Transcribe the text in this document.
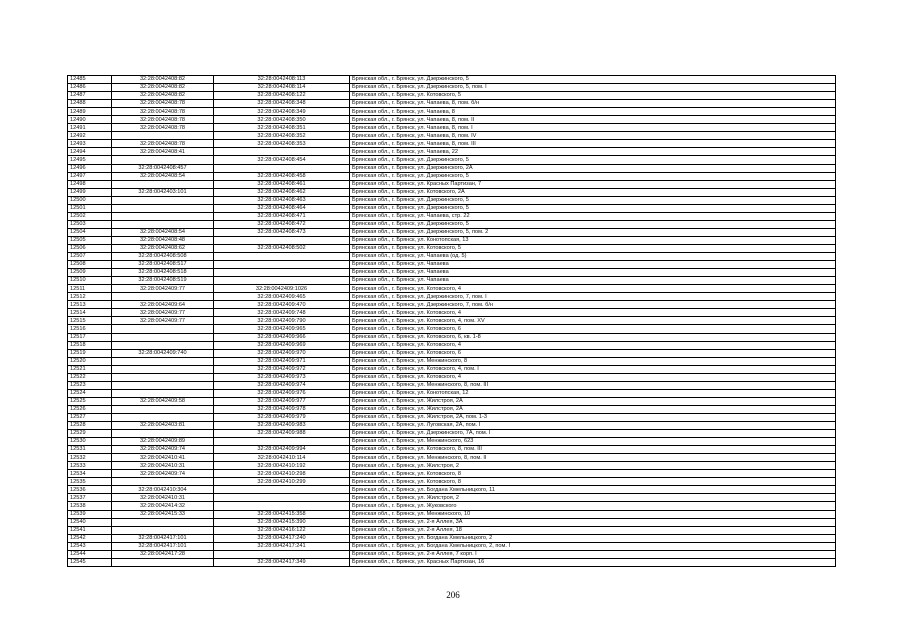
12485	32:28:0042408:82	32:28:0042408:113	Брянская обл., г. Брянск, ул. Дзержинского, 5
12486	32:28:0042408:82	32:28:0042408:114	Брянская обл., г. Брянск, ул. Дзержинского, 5, пом. I
12487	32:28:0042408:82	32:28:0042408:122	Брянская обл., г. Брянск, ул. Котовского, 5
12488	32:28:0042408:78	32:28:0042408:348	Брянская обл., г. Брянск, ул. Чапаева, 8, пом. б/н
12489	32:28:0042408:78	32:28:0042408:349	Брянская обл., г. Брянск, ул. Чапаева, 8
12490	32:28:0042408:78	32:28:0042408:350	Брянская обл., г. Брянск, ул. Чапаева, 8, пом. II
12491	32:28:0042408:78	32:28:0042408:351	Брянская обл., г. Брянск, ул. Чапаева, 8, пом. I
12492		32:28:0042408:352	Брянская обл., г. Брянск, ул. Чапаева, 8, пом. IV
12493	32:28:0042408:78	32:28:0042408:353	Брянская обл., г. Брянск, ул. Чапаева, 8, пом. III
12494	32:28:0042408:41		Брянская обл., г. Брянск, ул. Чапаева, 22
12495		32:28:0042408:454	Брянская обл., г. Брянск, ул. Дзержинского, 5
12496	32:28:0042408:457		Брянская обл., г. Брянск, ул. Дзержинского, 2А
12497	32:28:0042408:54	32:28:0042408:458	Брянская обл., г. Брянск, ул. Дзержинского, 5
12498		32:28:0042408:461	Брянская обл., г. Брянск, ул. Красных Партизан, 7
12499	32:28:0042403:101	32:28:0042408:462	Брянская обл., г. Брянск, ул. Котовского, 2А
12500		32:28:0042408:463	Брянская обл., г. Брянск, ул. Дзержинского, 5
12501		32:28:0042408:464	Брянская обл., г. Брянск, ул. Дзержинского, 5
12502		32:28:0042408:471	Брянская обл., г. Брянск, ул. Чапаева, стр. 22
12503		32:28:0042408:472	Брянская обл., г. Брянск, ул. Дзержинского, 5
12504	32:28:0042408:54	32:28:0042408:473	Брянская обл., г. Брянск, ул. Дзержинского, 5, пом. 2
12505	32:28:0042408:48		Брянская обл., г. Брянск, ул. Конотопская, 13
12506	32:28:0042408:62	32:28:0042408:502	Брянская обл., г. Брянск, ул. Котовского, 5
12507	32:28:0042408:508		Брянская обл., г. Брянск, ул. Чапаева (од. 5)
12508	32:28:0042408:517		Брянская обл., г. Брянск, ул. Чапаева
12509	32:28:0042408:518		Брянская обл., г. Брянск, ул. Чапаева
12510	32:28:0042408:519		Брянская обл., г. Брянск, ул. Чапаева
12511	32:28:0042409:77	32:28:0042409:1026	Брянская обл., г. Брянск, ул. Котовского, 4
12512		32:28:0042409:465	Брянская обл., г. Брянск, ул. Дзержинского, 7, пом. I
12513	32:28:0042409:64	32:28:0042409:470	Брянская обл., г. Брянск, ул. Дзержинского, 7, пом. б/н
12514	32:28:0042409:77	32:28:0042409:748	Брянская обл., г. Брянск, ул. Котовского, 4
12515	32:28:0042409:77	32:28:0042409:790	Брянская обл., г. Брянск, ул. Котовского, 4, пом. XV
12516		32:28:0042409:965	Брянская обл., г. Брянск, ул. Котовского, 6
12517		32:28:0042409:966	Брянская обл., г. Брянск, ул. Котовского, 6, кв. 1-8
12518		32:28:0042409:969	Брянская обл., г. Брянск, ул. Котовского, 4
12519	32:28:0042409:740	32:28:0042409:970	Брянская обл., г. Брянск, ул. Котовского, 6
12520		32:28:0042409:971	Брянская обл., г. Брянск, ул. Менжинского, 8
12521		32:28:0042409:972	Брянская обл., г. Брянск, ул. Котовского, 4, пом. I
12522		32:28:0042409:973	Брянская обл., г. Брянск, ул. Котовского, 4
12523		32:28:0042409:974	Брянская обл., г. Брянск, ул. Менжинского, 8, пом. III
12524		32:28:0042409:976	Брянская обл., г. Брянск, ул. Конотопская, 12
12525	32:28:0042409:58	32:28:0042409:977	Брянская обл., г. Брянск, ул. Жилстроя, 2А
12526		32:28:0042409:978	Брянская обл., г. Брянск, ул. Жилстроя, 2А
12527		32:28:0042409:979	Брянская обл., г. Брянск, ул. Жилстроя, 2А, пом. 1-3
12528	32:28:0042403:81	32:28:0042409:983	Брянская обл., г. Брянск, ул. Луговская, 2А, пом. I
12529		32:28:0042409:988	Брянская обл., г. Брянск, ул. Дзержинского, 7А, пом. I
12530	32:28:0042409:89		Брянская обл., г. Брянск, ул. Менжинского, 623
12531	32:28:0042409:74	32:28:0042409:994	Брянская обл., г. Брянск, ул. Котовского, 8, пом. III
12532	32:28:0042410:41	32:28:0042410:114	Брянская обл., г. Брянск, ул. Менжинского, 8, пом. II
12533	32:28:0042410:31	32:28:0042410:192	Брянская обл., г. Брянск, ул. Жилстроя, 2
12534	32:28:0042409:74	32:28:0042410:298	Брянская обл., г. Брянск, ул. Котовского, 8
12535		32:28:0042410:299	Брянская обл., г. Брянск, ул. Котовского, 8
12536	32:28:0042410:304		Брянская обл., г. Брянск, ул. Богдана Хмельницкого, 11
12537	32:28:0042410:31		Брянская обл., г. Брянск, ул. Жилстроя, 2
12538	32:28:0042414:32		Брянская обл., г. Брянск, ул. Жуковского
12539	32:28:0042415:33	32:28:0042415:358	Брянская обл., г. Брянск, ул. Менжинского, 10
12540		32:28:0042415:390	Брянская обл., г. Брянск, ул. 2-я Аллея, 3А
12541		32:28:0042416:122	Брянская обл., г. Брянск, ул. 2-я Аллея, 18
12542	32:28:0042417:101	32:28:0042417:240	Брянская обл., г. Брянск, ул. Богдана Хмельницкого, 2
12543	32:28:0042417:101	32:28:0042417:241	Брянская обл., г. Брянск, ул. Богдана Хмельницкого, 2, пом. I
12544	32:28:0042417:28		Брянская обл., г. Брянск, ул. 2-я Аллея, 7 корп. I
12545		32:28:0042417:349	Брянская обл., г. Брянск, ул. Красных Партизан, 16
206
